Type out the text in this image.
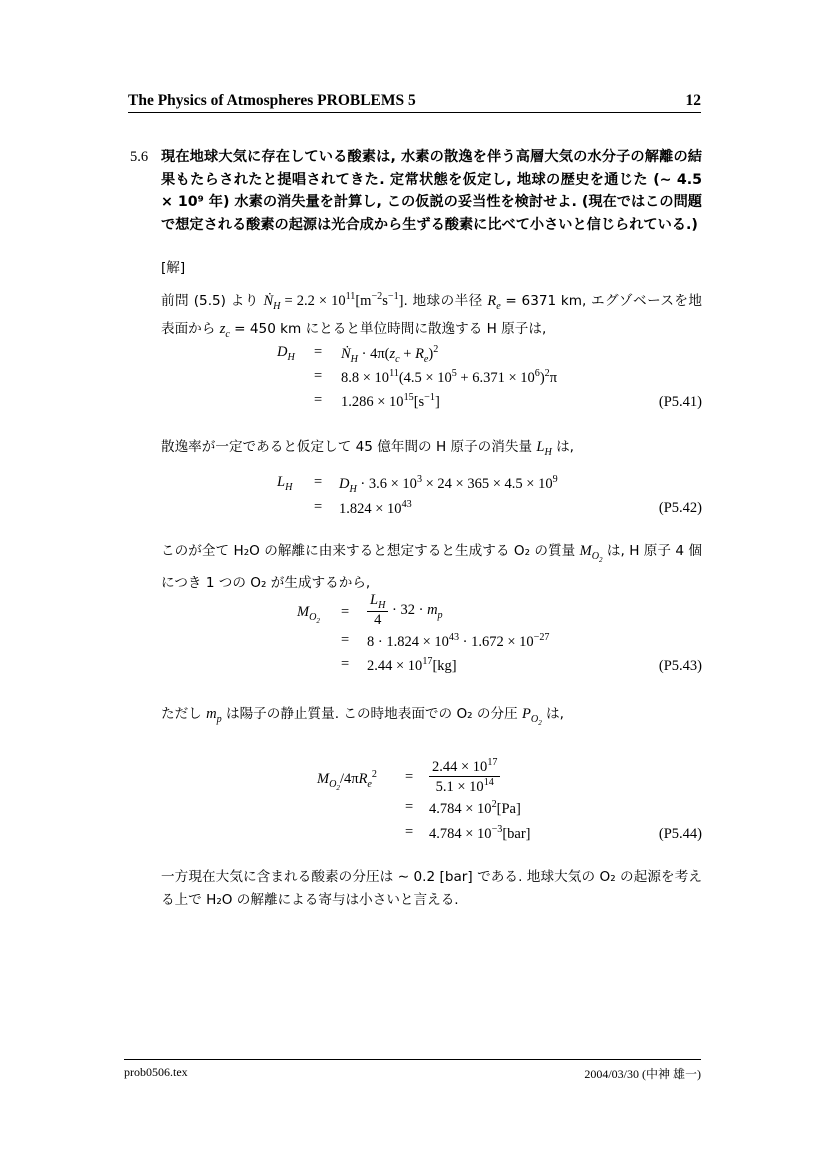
The Physics of Atmospheres PROBLEMS 5	12
5.6 現在地球大気に存在している酸素は, 水素の散逸を伴う高層大気の水分子の解離の結果もたらされたと提唱されてきた. 定常状態を仮定し, 地球の歴史を通じた (∼ 4.5 × 10⁹ 年) 水素の消失量を計算し, この仮説の妥当性を検討せよ. (現在ではこの問題で想定される酸素の起源は光合成から生ずる酸素に比べて小さいと信じられている.)
[解]
前問 (5.5) より Ṅ$_H$ = $2.2 \times 10^{11}[m^{-2}s^{-1}]$. 地球の半径 $R_e = 6371$ km, エグゾベースを地表面から $z_c = 450$ km にとると単位時間に散逸する H 原子は,
$D_H$ = Ṅ$_H$ · $4\pi(z_c + R_e)^2$
= $8.8 \times 10^{11}(4.5 \times 10^5 + 6.371 \times 10^6)^2\pi$
= $1.286 \times 10^{15}[s^{-1}]$	(P5.41)
散逸率が一定であると仮定して 45 億年間の H 原子の消失量 $L_H$ は,
$L_H = D_H \cdot 3.6 \times 10^3 \times 24 \times 365 \times 4.5 \times 10^9$
= $1.824 \times 10^{43}$	(P5.42)
このが全て H₂O の解離に由来すると想定すると生成する O₂ の質量 $M_{O_2}$ は, H 原子 4 個につき 1 つの O₂ が生成するから,
$M_{O_2}$
= $\frac{L_H}{4} \cdot 32 \cdot m_p$
= $8 \cdot 1.824 \times 10^{43} \cdot 1.672 \times 10^{-27}$
= $2.44 \times 10^{17}[kg]$	(P5.43)
ただし $m_p$ は陽子の静止質量. この時地表面での O₂ の分圧 $P_{O_2}$ は,
$M_{O_2}/4\pi R_e^2 = \frac{2.44 \times 10^{17}}{5.1 \times 10^{14}}$
= $4.784 \times 10^2[Pa]$
= $4.784 \times 10^{-3}[bar]$	(P5.44)
一方現在大気に含まれる酸素の分圧は ∼ 0.2 [bar] である. 地球大気の O₂ の起源を考える上で H₂O の解離による寄与は小さいと言える.
prob0506.tex	2004/03/30 (中神 雄一)
